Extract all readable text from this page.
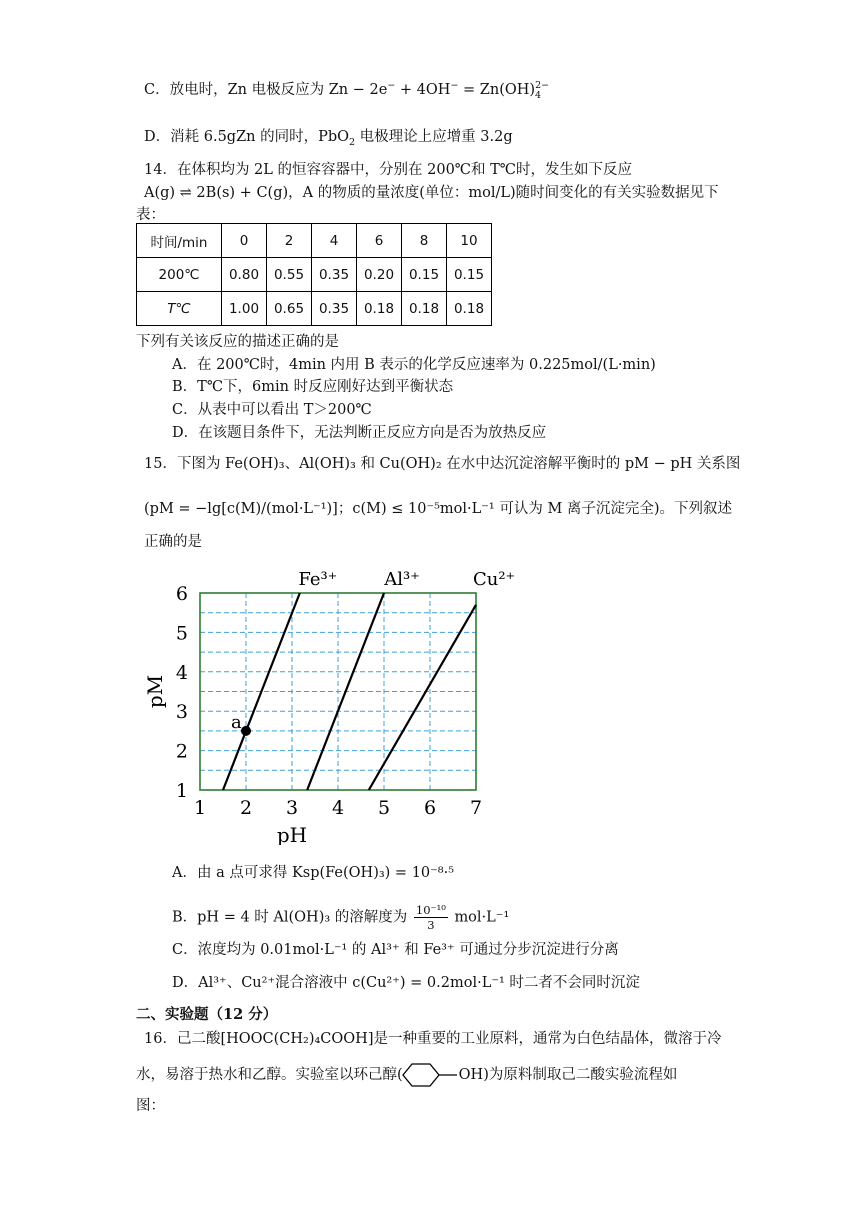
C．放电时，Zn 电极反应为 $Zn - 2e^- + 4OH^- = Zn(OH)_4^{2-}$
D．消耗 6.5gZn 的同时，PbO$_2$ 电极理论上应增重 3.2g
14．在体积均为 2L 的恒容容器中，分别在 200℃和 T℃时，发生如下反应
A(g) ⇌ 2B(s) + C(g)，A 的物质的量浓度(单位：mol/L)随时间变化的有关实验数据见下
表：
时间/min	0	2	4	6	8	10
200℃	0.80	0.55	0.35	0.20	0.15	0.15
T℃	1.00	0.65	0.35	0.18	0.18	0.18
下列有关该反应的描述正确的是
A．在 200℃时，4min 内用 B 表示的化学反应速率为 0.225mol/(L·min)
B．T℃下，6min 时反应刚好达到平衡状态
C．从表中可以看出 T＞200℃
D．在该题目条件下，无法判断正反应方向是否为放热反应
15．下图为 Fe(OH)₃、Al(OH)₃ 和 Cu(OH)₂ 在水中达沉淀溶解平衡时的 pM − pH 关系图
(pM = −lg[c(M)/(mol·L⁻¹)]；c(M) ≤ 10⁻⁵mol·L⁻¹ 可认为 M 离子沉淀完全)。下列叙述
正确的是
a
1 2 3 4 5 6 7
1
2
3
4
5
6
pH
pM
Fe³⁺	Al³⁺	Cu²⁺
A．由 a 点可求得 Ksp(Fe(OH)₃) = 10⁻⁸·⁵
B．pH = 4 时 Al(OH)₃ 的溶解度为 $\frac{\text{10⁻¹⁰}}{3} mol\cdot L^{-1}$
C．浓度均为 0.01mol·L⁻¹ 的 Al³⁺ 和 Fe³⁺ 可通过分步沉淀进行分离
D．Al³⁺、Cu²⁺混合溶液中 c(Cu²⁺) = 0.2mol·L⁻¹ 时二者不会同时沉淀
二、实验题（12 分）
16．己二酸[HOOC(CH₂)₄COOH]是一种重要的工业原料，通常为白色结晶体，微溶于冷
水，易溶于热水和乙醇。实验室以环己醇(	OH)为原料制取己二酸实验流程如
图：
